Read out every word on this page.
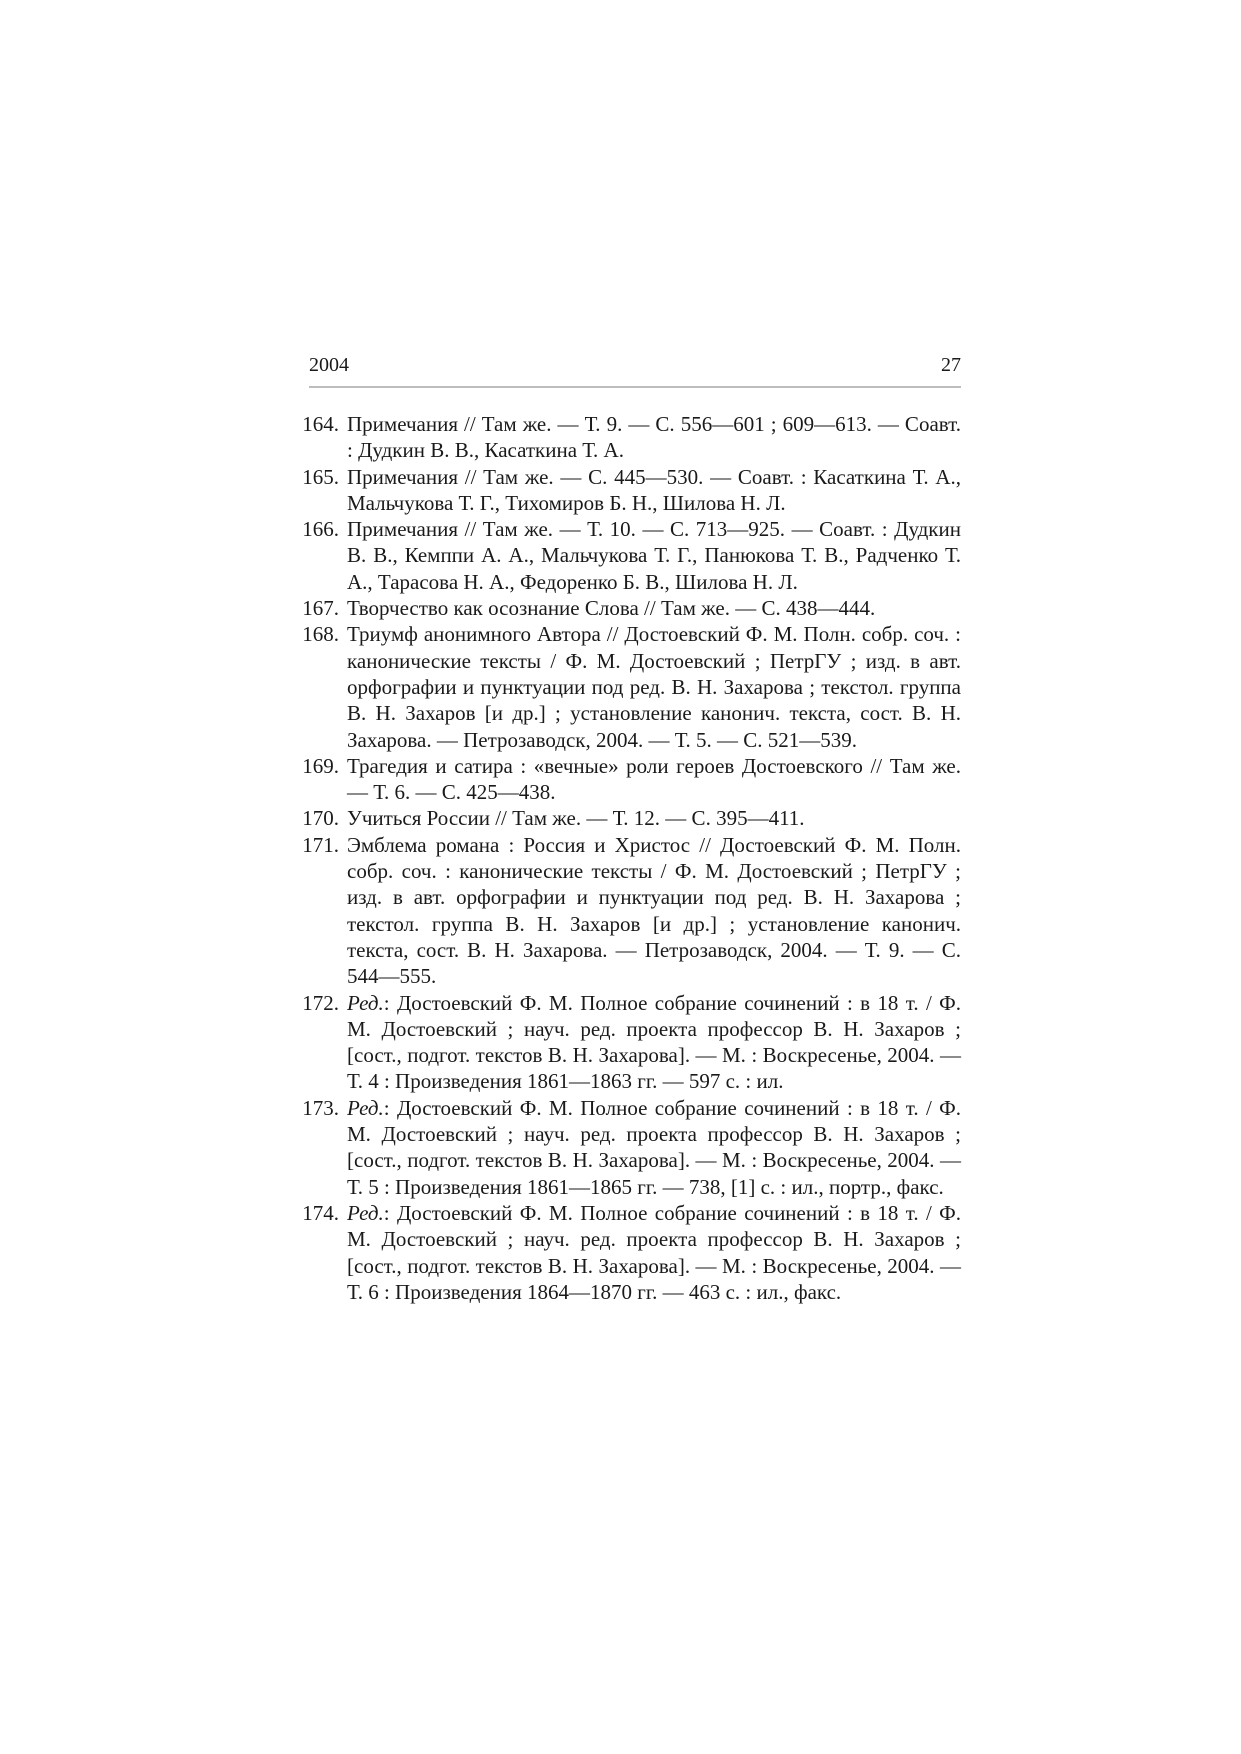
2004	27
164. Примечания // Там же. — Т. 9. — С. 556—601 ; 609—613. — Соавт. : Дудкин В. В., Касаткина Т. А.
165. Примечания // Там же. — С. 445—530. — Соавт. : Касаткина Т. А., Мальчукова Т. Г., Тихомиров Б. Н., Шилова Н. Л.
166. Примечания // Там же. — Т. 10. — С. 713—925. — Соавт. : Дудкин В. В., Кемппи А. А., Мальчукова Т. Г., Панюкова Т. В., Радченко Т. А., Тарасова Н. А., Федоренко Б. В., Шилова Н. Л.
167. Творчество как осознание Слова // Там же. — С. 438—444.
168. Триумф анонимного Автора // Достоевский Ф. М. Полн. собр. соч. : канонические тексты / Ф. М. Достоевский ; ПетрГУ ; изд. в авт. орфографии и пунктуации под ред. В. Н. Захарова ; текстол. группа В. Н. Захаров [и др.] ; установление канонич. текста, сост. В. Н. Захарова. — Петрозаводск, 2004. — Т. 5. — С. 521—539.
169. Трагедия и сатира : «вечные» роли героев Достоевского // Там же. — Т. 6. — С. 425—438.
170. Учиться России // Там же. — Т. 12. — С. 395—411.
171. Эмблема романа : Россия и Христос // Достоевский Ф. М. Полн. собр. соч. : канонические тексты / Ф. М. Достоевский ; ПетрГУ ; изд. в авт. орфографии и пунктуации под ред. В. Н. Захарова ; текстол. группа В. Н. Захаров [и др.] ; установление канонич. текста, сост. В. Н. Захарова. — Петрозаводск, 2004. — Т. 9. — С. 544—555.
172. Ред.: Достоевский Ф. М. Полное собрание сочинений : в 18 т. / Ф. М. Достоевский ; науч. ред. проекта профессор В. Н. Захаров ; [сост., подгот. текстов В. Н. Захарова]. — М. : Воскресенье, 2004. — Т. 4 : Произведения 1861—1863 гг. — 597 с. : ил.
173. Ред.: Достоевский Ф. М. Полное собрание сочинений : в 18 т. / Ф. М. Достоевский ; науч. ред. проекта профессор В. Н. Захаров ; [сост., подгот. текстов В. Н. Захарова]. — М. : Воскресенье, 2004. — Т. 5 : Произведения 1861—1865 гг. — 738, [1] с. : ил., портр., факс.
174. Ред.: Достоевский Ф. М. Полное собрание сочинений : в 18 т. / Ф. М. Достоевский ; науч. ред. проекта профессор В. Н. Захаров ; [сост., подгот. текстов В. Н. Захарова]. — М. : Воскресенье, 2004. — Т. 6 : Произведения 1864—1870 гг. — 463 с. : ил., факс.
